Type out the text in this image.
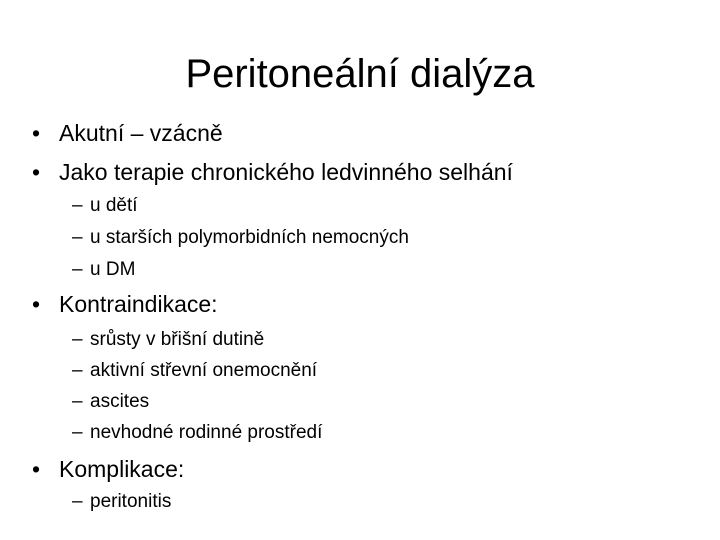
Peritoneální dialýza
• Akutní – vzácně
• Jako terapie chronického ledvinného selhání
– u dětí
– u starších polymorbidních nemocných
– u DM
• Kontraindikace:
– srůsty v břišní dutině
– aktivní střevní onemocnění
– ascites
– nevhodné rodinné prostředí
• Komplikace:
– peritonitis
